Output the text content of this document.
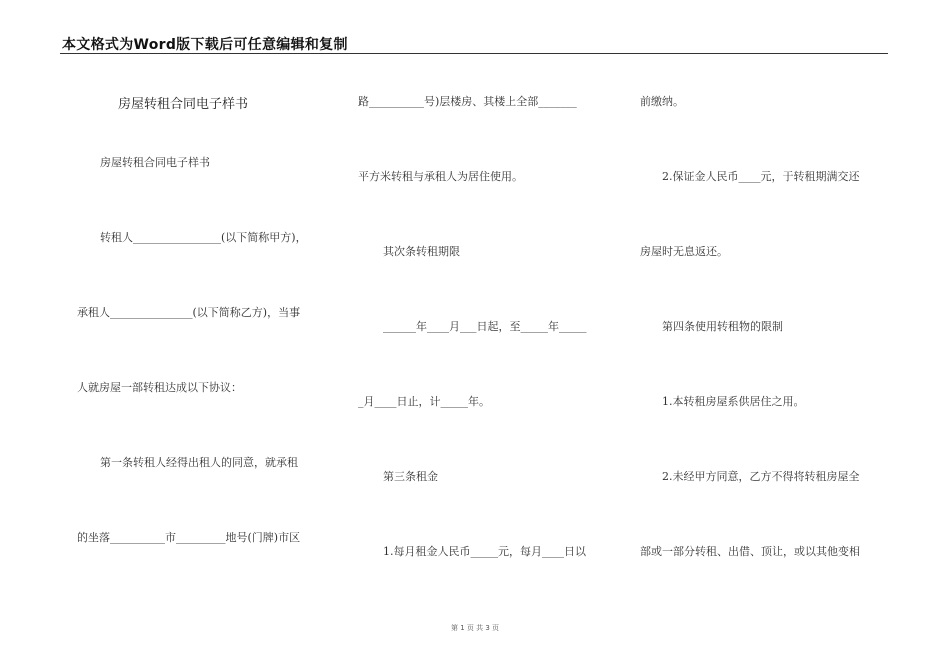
本文格式为Word版下载后可任意编辑和复制
房屋转租合同电子样书
房屋转租合同电子样书
转租人________________(以下简称甲方)，
承租人_______________(以下简称乙方)，当事
人就房屋一部转租达成以下协议：
第一条转租人经得出租人的同意，就承租
的坐落__________市_________地号(门牌)市区
路__________号)层楼房、其楼上全部_______
平方米转租与承租人为居住使用。
其次条转租期限
______年____月___日起，至_____年_____
_月____日止，计_____年。
第三条租金
1.每月租金人民币_____元，每月____日以
前缴纳。
2.保证金人民币____元，于转租期满交还
房屋时无息返还。
第四条使用转租物的限制
1.本转租房屋系供居住之用。
2.未经甲方同意，乙方不得将转租房屋全
部或一部分转租、出借、顶让，或以其他变相
第 1 页 共 3 页
